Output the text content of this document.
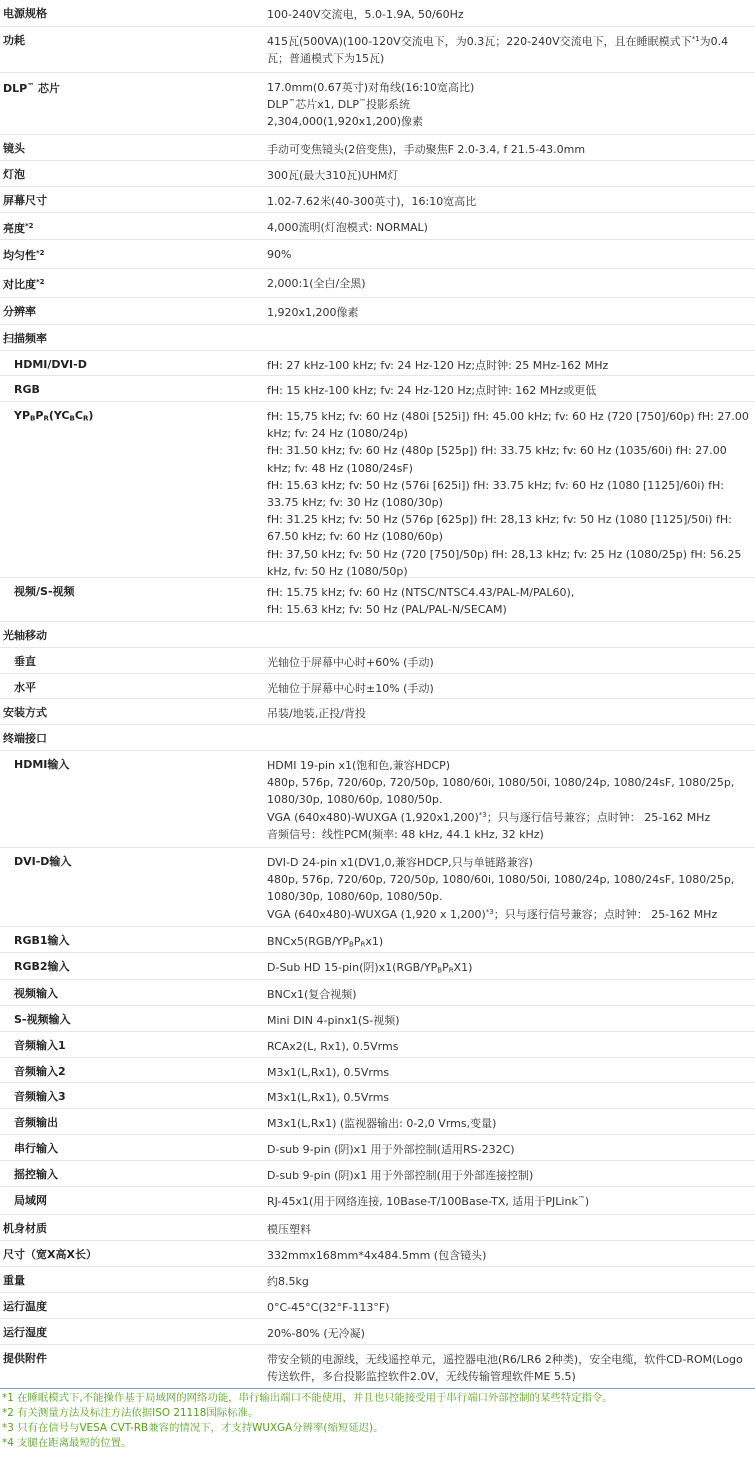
电源规格	100-240V交流电，5.0-1.9A, 50/60Hz
功耗	415瓦(500VA)(100-120V交流电下，为0.3瓦；220-240V交流电下，且在睡眠模式下$^{*1}$为0.4
瓦；普通模式下为15瓦)
DLP™ 芯片	17.0mm(0.67英寸)对角线(16:10宽高比)
DLP™芯片x1, DLP™投影系统
2,304,000(1,920x1,200)像素
镜头	手动可变焦镜头(2倍变焦)，手动聚焦F 2.0-3.4, f 21.5-43.0mm
灯泡	300瓦(最大310瓦)UHM灯
屏幕尺寸	1.02-7.62米(40-300英寸)，16:10宽高比
亮度$^{*2}$	4,000流明(灯泡模式: NORMAL)
均匀性$^{*2}$	90%
对比度$^{*2}$	2,000:1(全白/全黑)
分辨率	1,920x1,200像素
扫描频率
HDMI/DVI-D	fH: 27 kHz-100 kHz; fv: 24 Hz-120 Hz;点时钟: 25 MHz-162 MHz
RGB	fH: 15 kHz-100 kHz; fv: 24 Hz-120 Hz;点时钟: 162 MHz或更低
$YP_BP_R(YC_BC_R)$	fH: 15,75 kHz; fv: 60 Hz (480i [525i]) fH: 45.00 kHz; fv: 60 Hz (720 [750]/60p) fH: 27.00 kHz; fv: 24 Hz (1080/24p)
fH: 31.50 kHz; fv: 60 Hz (480p [525p]) fH: 33.75 kHz; fv: 60 Hz (1035/60i) fH: 27.00 kHz; fv: 48 Hz (1080/24sF)
fH: 15.63 kHz; fv: 50 Hz (576i [625i]) fH: 33.75 kHz; fv: 60 Hz (1080 [1125]/60i) fH: 33.75 kHz; fv: 30 Hz (1080/30p)
fH: 31.25 kHz; fv: 50 Hz (576p [625p]) fH: 28,13 kHz; fv: 50 Hz (1080 [1125]/50i) fH: 67.50 kHz; fv: 60 Hz (1080/60p)
fH: 37,50 kHz; fv: 50 Hz (720 [750]/50p) fH: 28,13 kHz; fv: 25 Hz (1080/25p) fH: 56.25 kHz, fv: 50 Hz (1080/50p)
视频/S-视频	fH: 15.75 kHz; fv: 60 Hz (NTSC/NTSC4.43/PAL-M/PAL60),
fH: 15.63 kHz; fv: 50 Hz (PAL/PAL-N/SECAM)
光轴移动
垂直	光轴位于屏幕中心时+60% (手动)
水平	光轴位于屏幕中心时±10% (手动)
安装方式	吊装/地装,正投/背投
终端接口
HDMI输入	HDMI 19-pin x1(饱和色,兼容HDCP)
480p, 576p, 720/60p, 720/50p, 1080/60i, 1080/50i, 1080/24p, 1080/24sF, 1080/25p, 1080/30p, 1080/60p, 1080/50p.
VGA (640x480)-WUXGA $(1,920x1,200)^{*3}$；只与逐行信号兼容；点时钟： 25-162 MHz
音频信号：线性PCM(频率: 48 kHz, 44.1 kHz, 32 kHz)
DVI-D输入	DVI-D 24-pin x1(DV1,0,兼容HDCP,只与单链路兼容)
480p, 576p, 720/60p, 720/50p, 1080/60i, 1080/50i, 1080/24p, 1080/24sF, 1080/25p, 1080/30p, 1080/60p, 1080/50p.
VGA (640x480)-WUXGA (1,920 x 1,200)$^{*3}$；只与逐行信号兼容；点时钟： 25-162 MHz
RGB1输入	$BNCx5(RGB/YP_BP_Rx1)$
RGB2输入	D-Sub HD 15-pin(阴)$x1(RGB/YP_BP_RX1)$
视频输入	BNCx1(复合视频)
S-视频输入	Mini DIN 4-pinx1(S-视频)
音频输入1	RCAx2(L, Rx1), 0.5Vrms
音频输入2	M3x1(L,Rx1), 0.5Vrms
音频输入3	M3x1(L,Rx1), 0.5Vrms
音频输出	M3x1(L,Rx1) (监视器输出: 0-2,0 Vrms,变量)
串行输入	D-sub 9-pin (阴)x1 用于外部控制(适用RS-232C)
摇控输入	D-sub 9-pin (阴)x1 用于外部控制(用于外部连接控制)
局域网	RJ-45x1(用于网络连接, 10Base-T/100Base-TX, 适用于PJLink™)
机身材质	模压塑料
尺寸（宽X高X长）	332mmx168mm*4x484.5mm (包含镜头)
重量	约8.5kg
运行温度	0°C-45°C(32°F-113°F)
运行湿度	20%-80% (无冷凝)
提供附件	带安全锁的电源线，无线遥控单元，遥控器电池(R6/LR6 2种类)，安全电缆，软件CD-ROM(Logo传送软件，多台投影监控软件2.0V，无线传输管理软件ME 5.5)
*1 在睡眠模式下,不能操作基于局域网的网络功能，串行输出端口不能使用，并且也只能接受用于串行端口外部控制的某些特定指令。
*2 有关测量方法及标注方法依据ISO 21118国际标准。
*3 只有在信号与VESA CVT-RB兼容的情况下，才支持WUXGA分辨率(缩短延迟)。
*4 支腿在距离最短的位置。
